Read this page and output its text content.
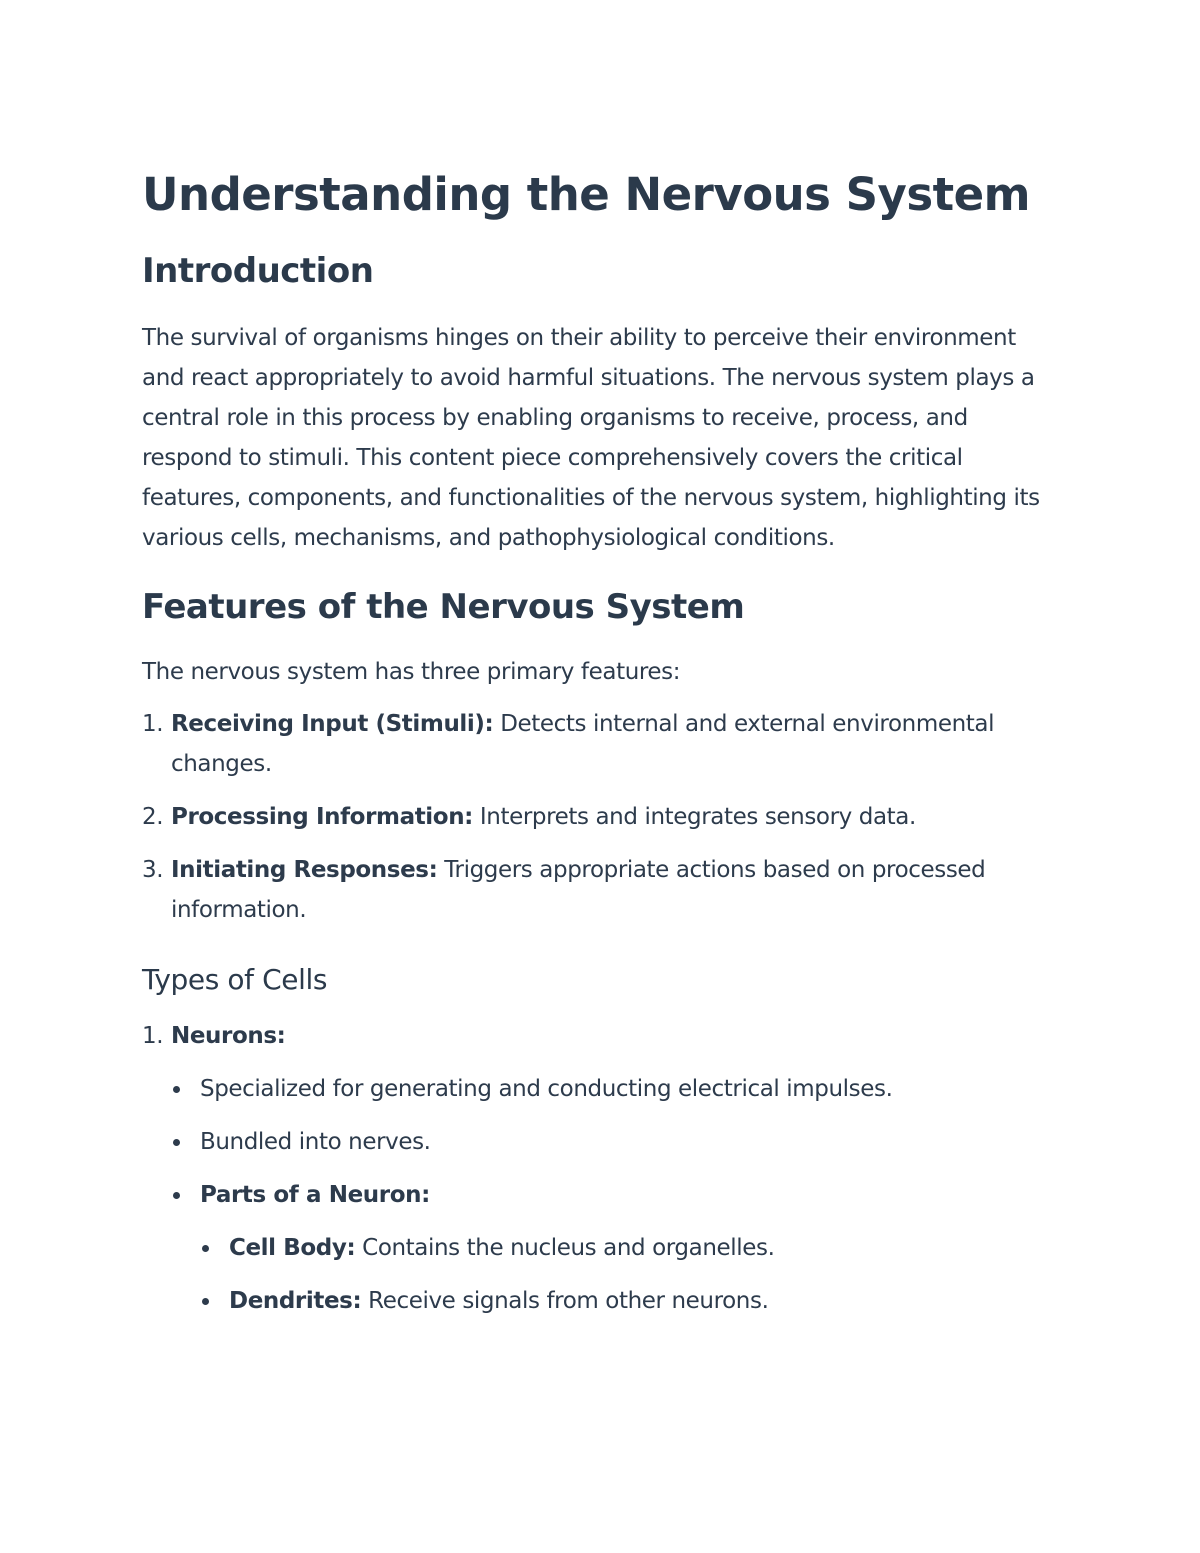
Understanding the Nervous System
Introduction

The survival of organisms hinges on their ability to perceive their environment and react appropriately to avoid harmful situations. The nervous system plays a central role in this process by enabling organisms to receive, process, and respond to stimuli. This content piece comprehensively covers the critical features, components, and functionalities of the nervous system, highlighting its various cells, mechanisms, and pathophysiological conditions.

Features of the Nervous System

The nervous system has three primary features:

1. Receiving Input (Stimuli): Detects internal and external environmental changes.
2. Processing Information: Interprets and integrates sensory data.
3. Initiating Responses: Triggers appropriate actions based on processed information.
Types of Cells
1. Neurons:
Specialized for generating and conducting electrical impulses.
Bundled into nerves.
Parts of a Neuron:
Cell Body: Contains the nucleus and organelles.
Dendrites: Receive signals from other neurons.
